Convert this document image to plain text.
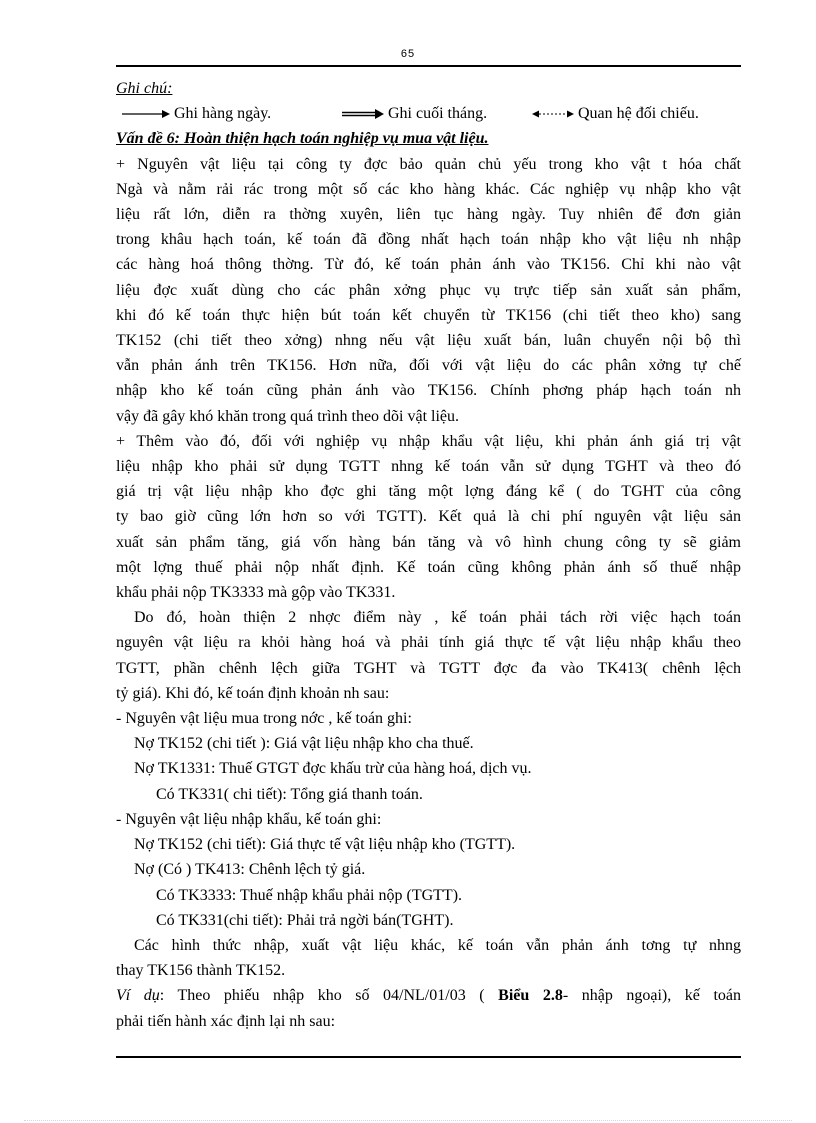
65
Ghi chú:
Ghi hàng ngày.	Ghi cuối tháng.	Quan hệ đối chiếu.
Vấn đề 6: Hoàn thiện hạch toán nghiệp vụ mua vật liệu.
+ Nguyên vật liệu tại công ty đợc bảo quản chủ yếu trong kho vật t hóa chất
Ngà và nằm rải rác trong một số các kho hàng khác. Các nghiệp vụ nhập kho vật
liệu rất lớn, diễn ra thờng xuyên, liên tục hàng ngày. Tuy nhiên để đơn giản
trong khâu hạch toán, kế toán đã đồng nhất hạch toán nhập kho vật liệu nh nhập
các hàng hoá thông thờng. Từ đó, kế toán phản ánh vào TK156. Chỉ khi nào vật
liệu đợc xuất dùng cho các phân xởng phục vụ trực tiếp sản xuất sản phẩm,
khi đó kế toán thực hiện bút toán kết chuyển từ TK156 (chi tiết theo kho) sang
TK152 (chi tiết theo xởng) nhng nếu vật liệu xuất bán, luân chuyển nội bộ thì
vẫn phản ánh trên TK156. Hơn nữa, đối với vật liệu do các phân xởng tự chế
nhập kho kế toán cũng phản ánh vào TK156. Chính phơng pháp hạch toán nh
vậy đã gây khó khăn trong quá trình theo dõi vật liệu.
+ Thêm vào đó, đối với nghiệp vụ nhập khẩu vật liệu, khi phản ánh giá trị vật
liệu nhập kho phải sử dụng TGTT nhng kế toán vẫn sử dụng TGHT và theo đó
giá trị vật liệu nhập kho đợc ghi tăng một lợng đáng kể ( do TGHT của công
ty bao giờ cũng lớn hơn so với TGTT). Kết quả là chi phí nguyên vật liệu sản
xuất sản phẩm tăng, giá vốn hàng bán tăng và vô hình chung công ty sẽ giảm
một lợng thuế phải nộp nhất định. Kế toán cũng không phản ánh số thuế nhập
khẩu phải nộp TK3333 mà gộp vào TK331.
Do đó, hoàn thiện 2 nhợc điểm này , kế toán phải tách rời việc hạch toán
nguyên vật liệu ra khỏi hàng hoá và phải tính giá thực tế vật liệu nhập khẩu theo
TGTT, phần chênh lệch giữa TGHT và TGTT đợc đa vào TK413( chênh lệch
tỷ giá). Khi đó, kế toán định khoản nh sau:
- Nguyên vật liệu mua trong nớc , kế toán ghi:
Nợ TK152 (chi tiết ): Giá vật liệu nhập kho cha thuế.
Nợ TK1331: Thuế GTGT đợc khấu trừ của hàng hoá, dịch vụ.
Có TK331( chi tiết): Tổng giá thanh toán.
- Nguyên vật liệu nhập khẩu, kế toán ghi:
Nợ TK152 (chi tiết): Giá thực tế vật liệu nhập kho (TGTT).
Nợ (Có ) TK413: Chênh lệch tỷ giá.
Có TK3333: Thuế nhập khẩu phải nộp (TGTT).
Có TK331(chi tiết): Phải trả ngời bán(TGHT).
Các hình thức nhập, xuất vật liệu khác, kế toán vẫn phản ánh tơng tự nhng
thay TK156 thành TK152.
Ví dụ: Theo phiếu nhập kho số 04/NL/01/03 ( Biểu 2.8- nhập ngoại), kế toán
phải tiến hành xác định lại nh sau:
